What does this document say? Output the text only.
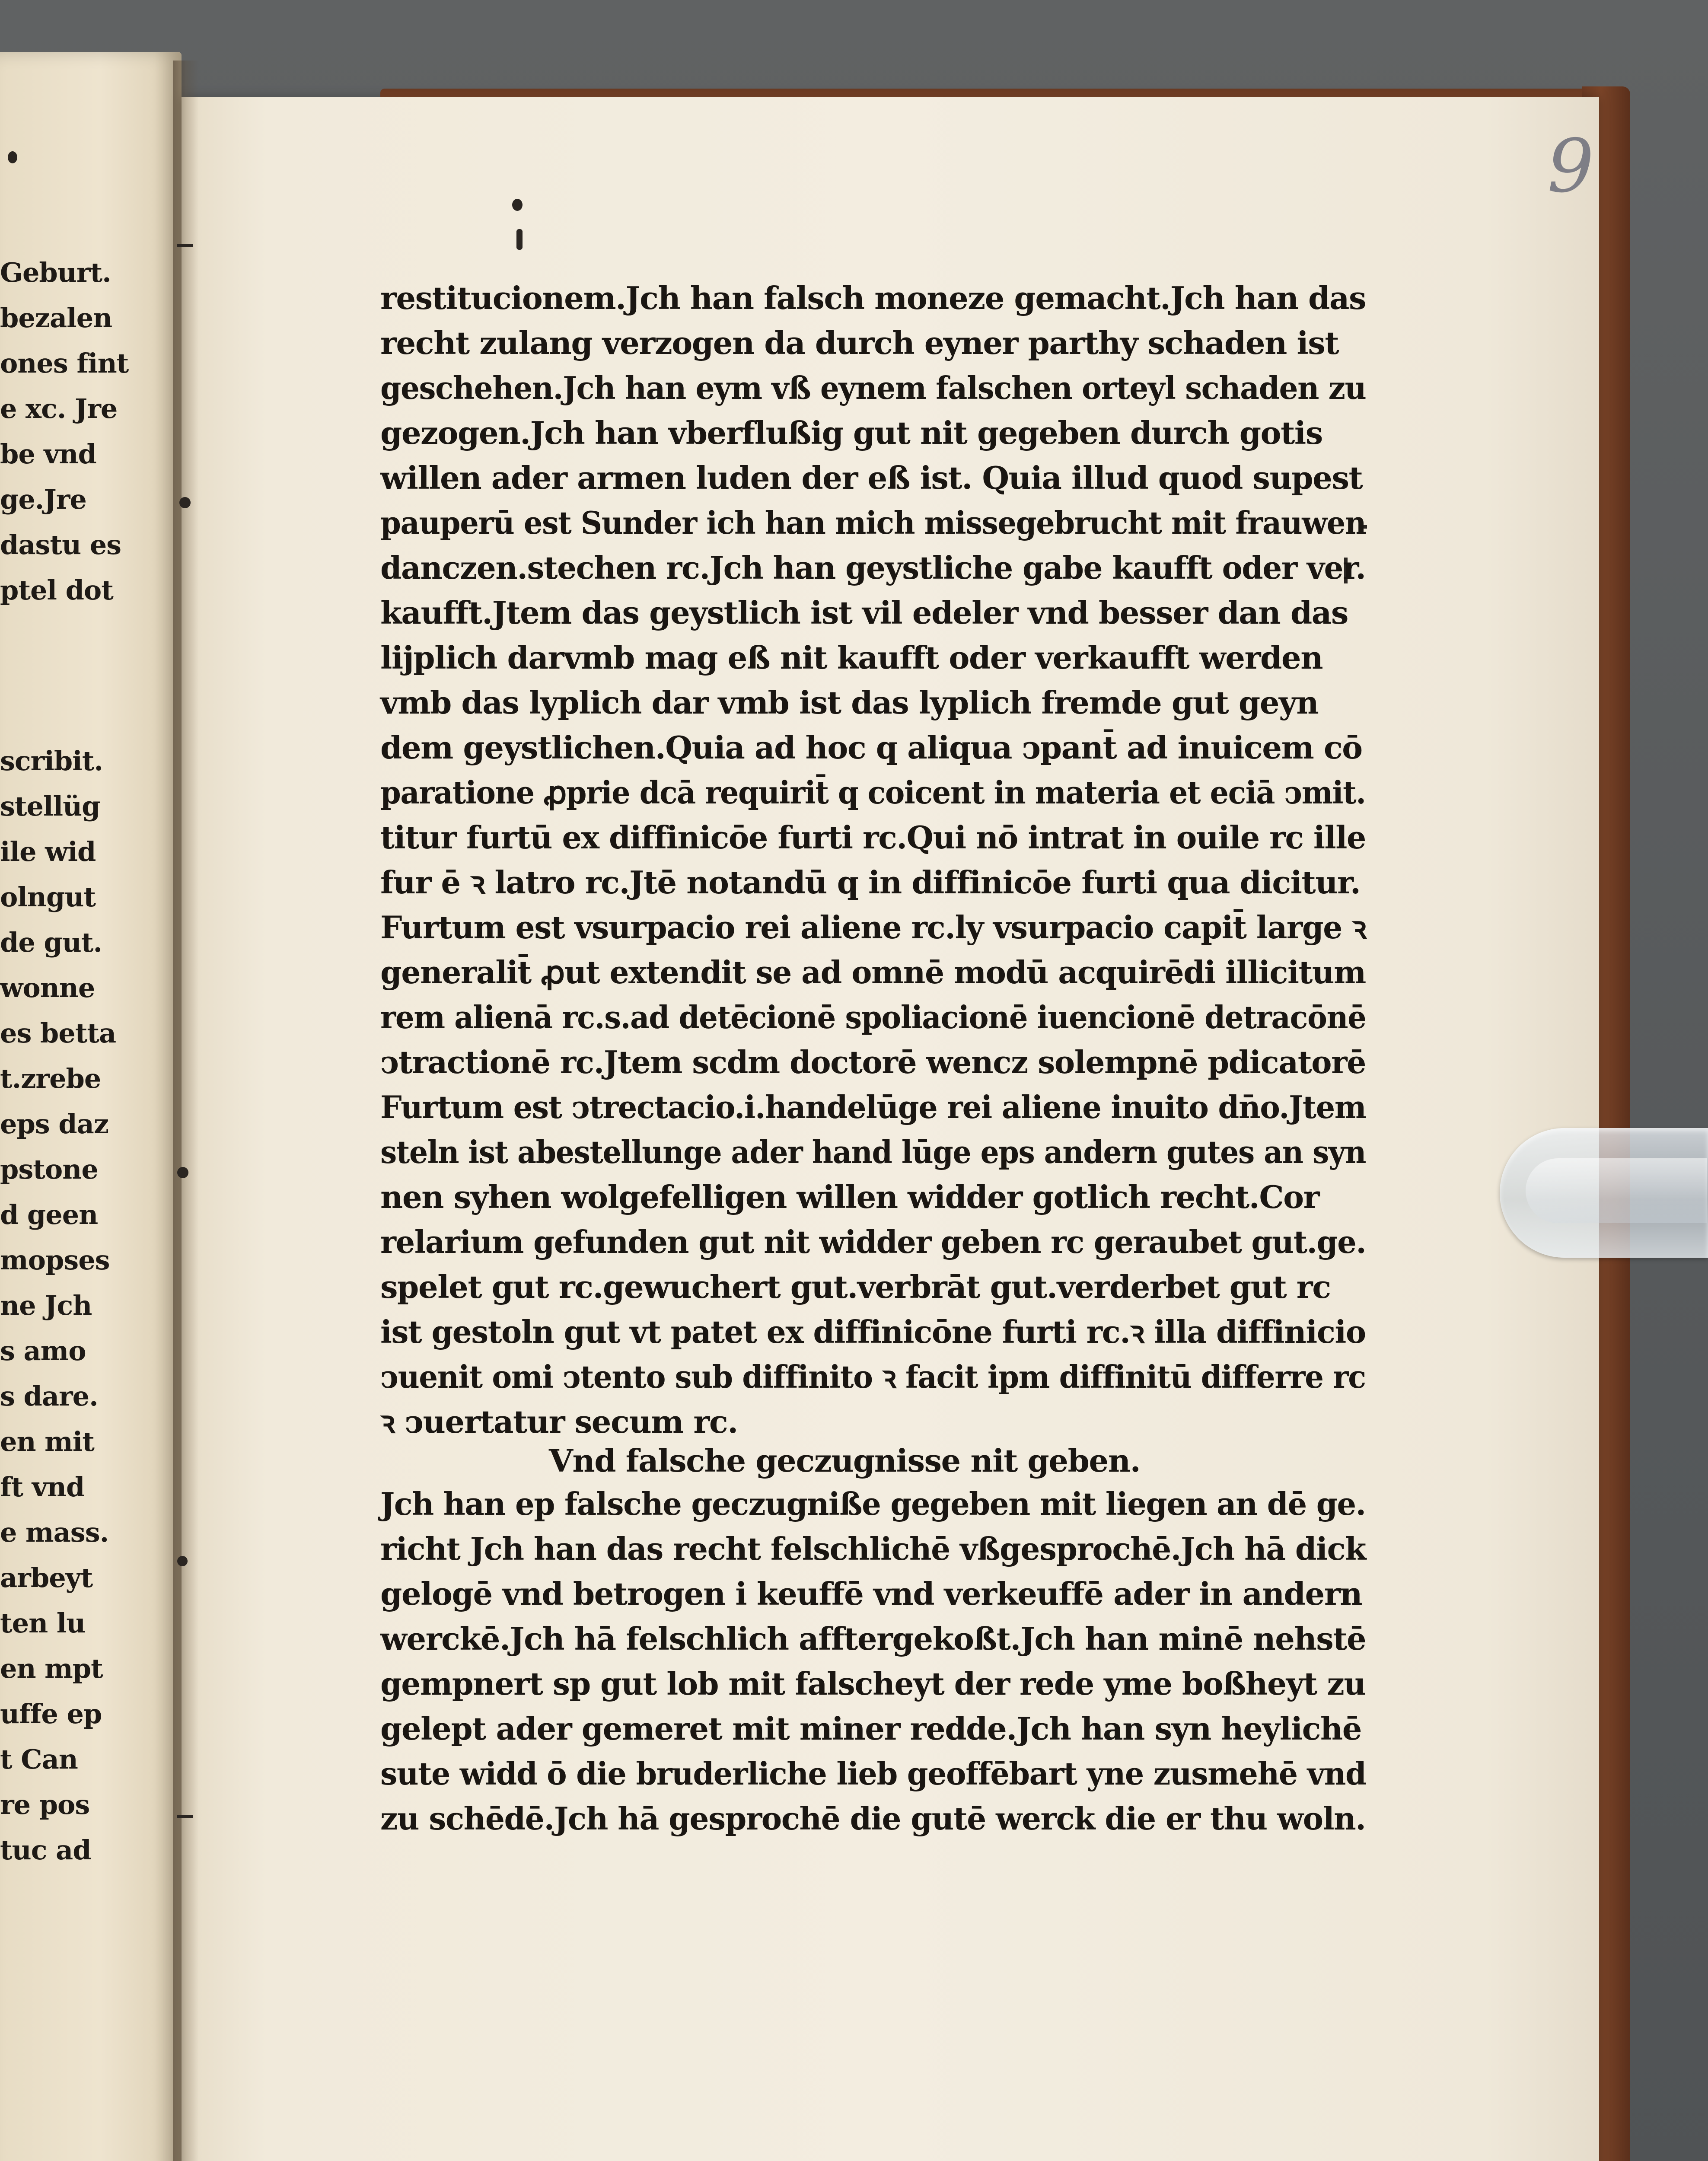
Geburt.
bezalen
ones fint
e xc. Jre
be vnd
ge.Jre
dastu es
ptel dot
scribit.
stellüg
ile wid
olngut
de gut.
wonne
es betta
t.zrebe
eps daz
pstone
d geen
mopses
ne Jch
s amo
s dare.
en mit
ft vnd
e mass.
arbeyt
ten lu
en mpt
uffe ep
t Can
re pos
tuc ad
9
restitucionem.Jch han falsch monezе gemacht.Jch han das
recht zulang verzogen da durch eyner parthy schaden ist
geschehen.Jch han eym vß eynem falschen orteyl schaden zu
gezogen.Jch han vberflußig gut nit gegeben durch gotis
willen ader armen luden der eß ist. Quia illud quod supest
pauperū est Sunder ich han mich missegebrucht mit frauwen
danczen.stechen rc.Jch han geystliche gabe kaufft oder ver.
kaufft.Jtem das geystlich ist vil edeler vnd besser dan das
lijplich darvmb mag eß nit kaufft oder verkaufft werden
vmb das lyplich dar vmb ist das lyplich fremde gut geyn
dem geystlichen.Quia ad hoc q aliqua ↄpant̄ ad inuicem cō
paratione ꝓprie dcā requirit̄ q coicent in materia et eciā ↄmit.
titur furtū ex diffinicōe furti rc.Qui nō intrat in ouile rc ille
fur ē ꝛ latro rc.Jtē notandū q in diffinicōe furti qua dicitur.
Furtum est vsurpacio rei aliene rc.ly vsurpacio capit̄ large ꝛ
generalit̄ ꝓut extendit se ad omnē modū acquirēdi illicitum
rem alienā rc.s.ad detēcionē spoliacionē iuencionē detracōnē
ↄtractionē rc.Jtem scdm doctorē wencz solempnē pdicatorē
Furtum est ↄtrectacio.i.handelūge rei aliene inuito dn̄o.Jtem
steln ist abestellunge ader hand lūge eps andern gutes an syn
nen syhen wolgefelligen willen widder gotlich recht.Cor
relarium gefunden gut nit widder geben rc geraubet gut.ge.
spelet gut rc.gewuchert gut.verbrāt gut.verderbet gut rc
ist gestoln gut vt patet ex diffinicōne furti rc.ꝛ illa diffinicio
ↄuenit omi ↄtento sub diffinito ꝛ facit ipm diffinitū differre rc
ꝛ ↄuertatur secum rc.
Vnd falsche geczugnisse nit geben.
Jch han ep falsche geczugniße gegeben mit liegen an dē ge.
richt Jch han das recht felschlichē vßgesprochē.Jch hā dick
gelogē vnd betrogen i keuffē vnd verkeuffē ader in andern
werckē.Jch hā felschlich afftergekoßt.Jch han minē nehstē
gempnert sp gut lob mit falscheyt der rede yme boßheyt zu
gelept ader gemeret mit miner redde.Jch han syn heylichē
sute widd ō die bruderliche lieb geoffēbart yne zusmehē vnd
zu schēdē.Jch hā gesprochē die gutē werck die er thu woln.
